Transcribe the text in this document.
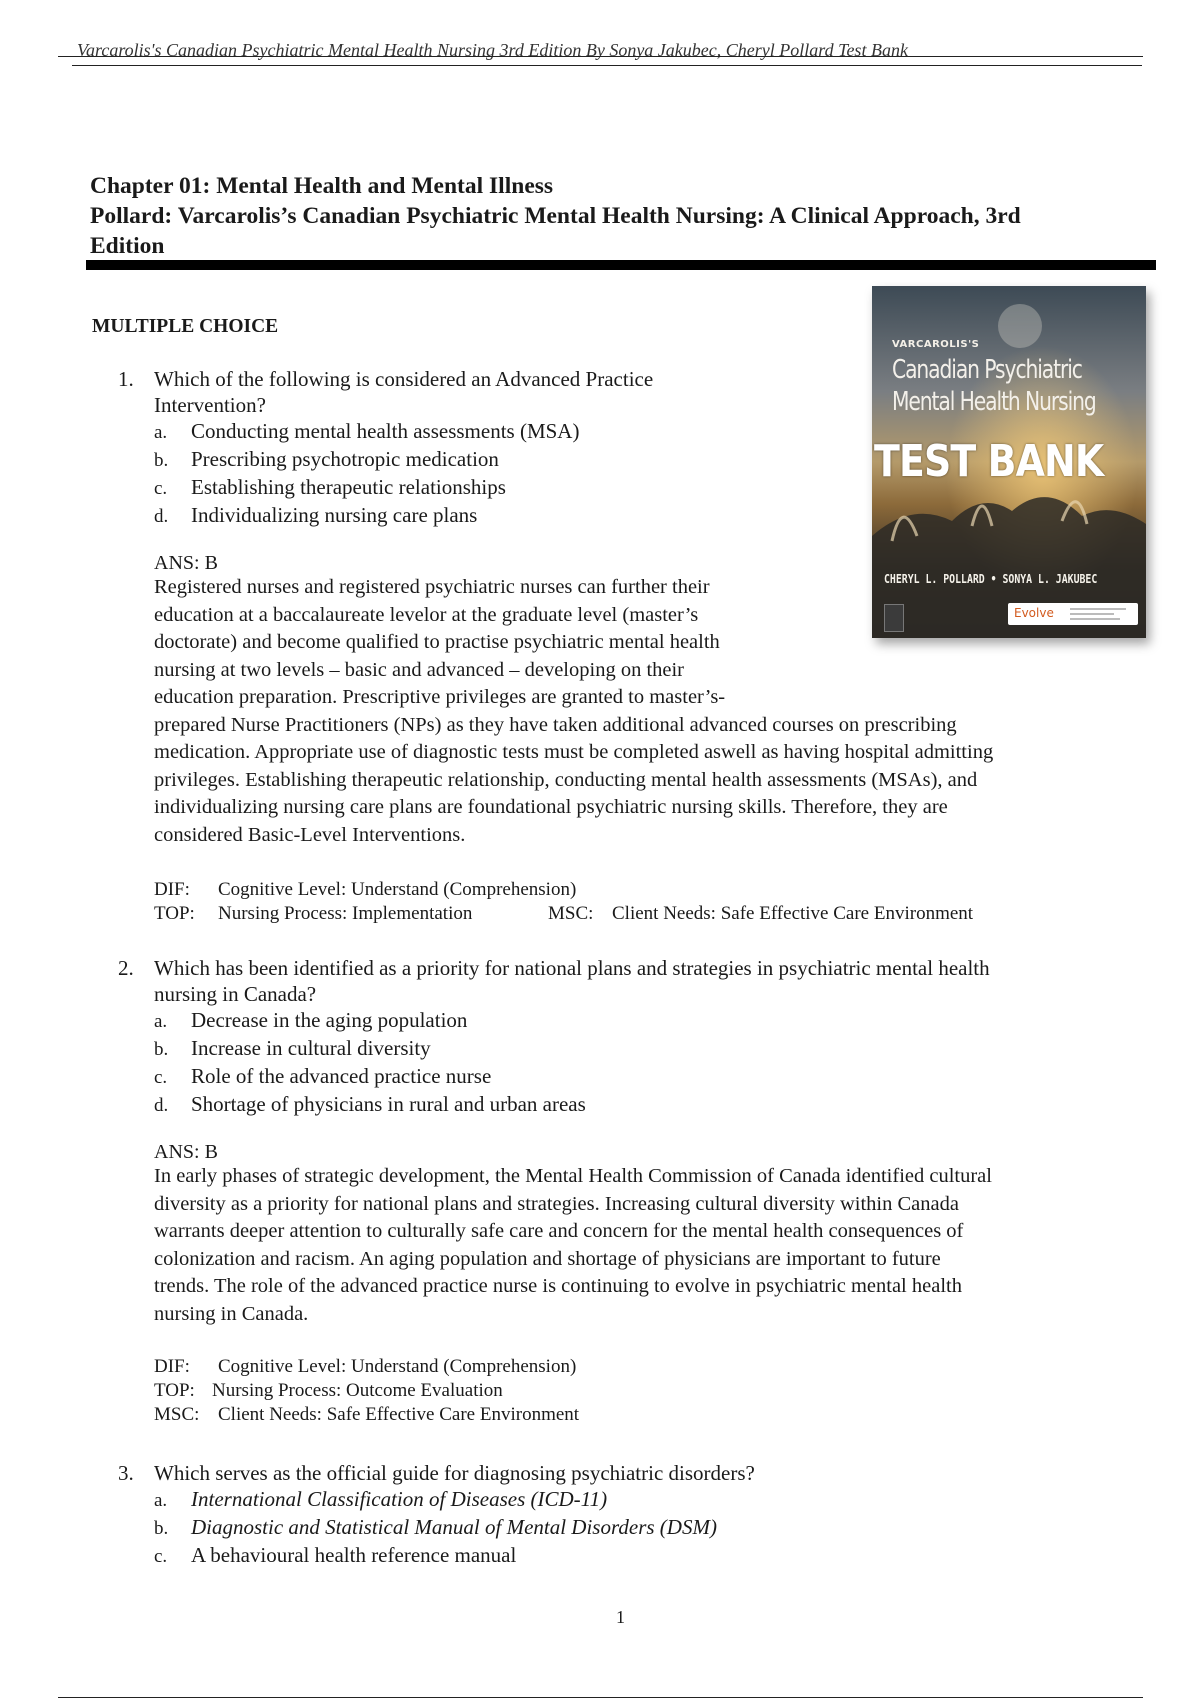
Varcarolis's Canadian Psychiatric Mental Health Nursing 3rd Edition By Sonya Jakubec, Cheryl Pollard Test Bank
Chapter 01: Mental Health and Mental Illness
Pollard: Varcarolis’s Canadian Psychiatric Mental Health Nursing: A Clinical Approach, 3rd
Edition
VARCAROLIS'S
Canadian Psychiatric
Mental Health Nursing
TEST BANK
CHERYL L. POLLARD • SONYA L. JAKUBEC
Evolve
MULTIPLE CHOICE
1. Which of the following is considered an Advanced Practice
Intervention?
a. Conducting mental health assessments (MSA)
b. Prescribing psychotropic medication
c. Establishing therapeutic relationships
d. Individualizing nursing care plans
ANS: B
Registered nurses and registered psychiatric nurses can further their
education at a baccalaureate levelor at the graduate level (master’s
doctorate) and become qualified to practise psychiatric mental health
nursing at two levels – basic and advanced – developing on their
education preparation. Prescriptive privileges are granted to master’s-
prepared Nurse Practitioners (NPs) as they have taken additional advanced courses on prescribing
medication. Appropriate use of diagnostic tests must be completed aswell as having hospital admitting
privileges. Establishing therapeutic relationship, conducting mental health assessments (MSAs), and
individualizing nursing care plans are foundational psychiatric nursing skills. Therefore, they are
considered Basic-Level Interventions.
DIF: Cognitive Level: Understand (Comprehension)
TOP: Nursing Process: Implementation	MSC: Client Needs: Safe Effective Care Environment
2. Which has been identified as a priority for national plans and strategies in psychiatric mental health
nursing in Canada?
a. Decrease in the aging population
b. Increase in cultural diversity
c. Role of the advanced practice nurse
d. Shortage of physicians in rural and urban areas
ANS: B
In early phases of strategic development, the Mental Health Commission of Canada identified cultural
diversity as a priority for national plans and strategies. Increasing cultural diversity within Canada
warrants deeper attention to culturally safe care and concern for the mental health consequences of
colonization and racism. An aging population and shortage of physicians are important to future
trends. The role of the advanced practice nurse is continuing to evolve in psychiatric mental health
nursing in Canada.
DIF: Cognitive Level: Understand (Comprehension)
TOP: Nursing Process: Outcome Evaluation
MSC: Client Needs: Safe Effective Care Environment
3. Which serves as the official guide for diagnosing psychiatric disorders?
a. International Classification of Diseases (ICD-11)
b. Diagnostic and Statistical Manual of Mental Disorders (DSM)
c. A behavioural health reference manual
1
